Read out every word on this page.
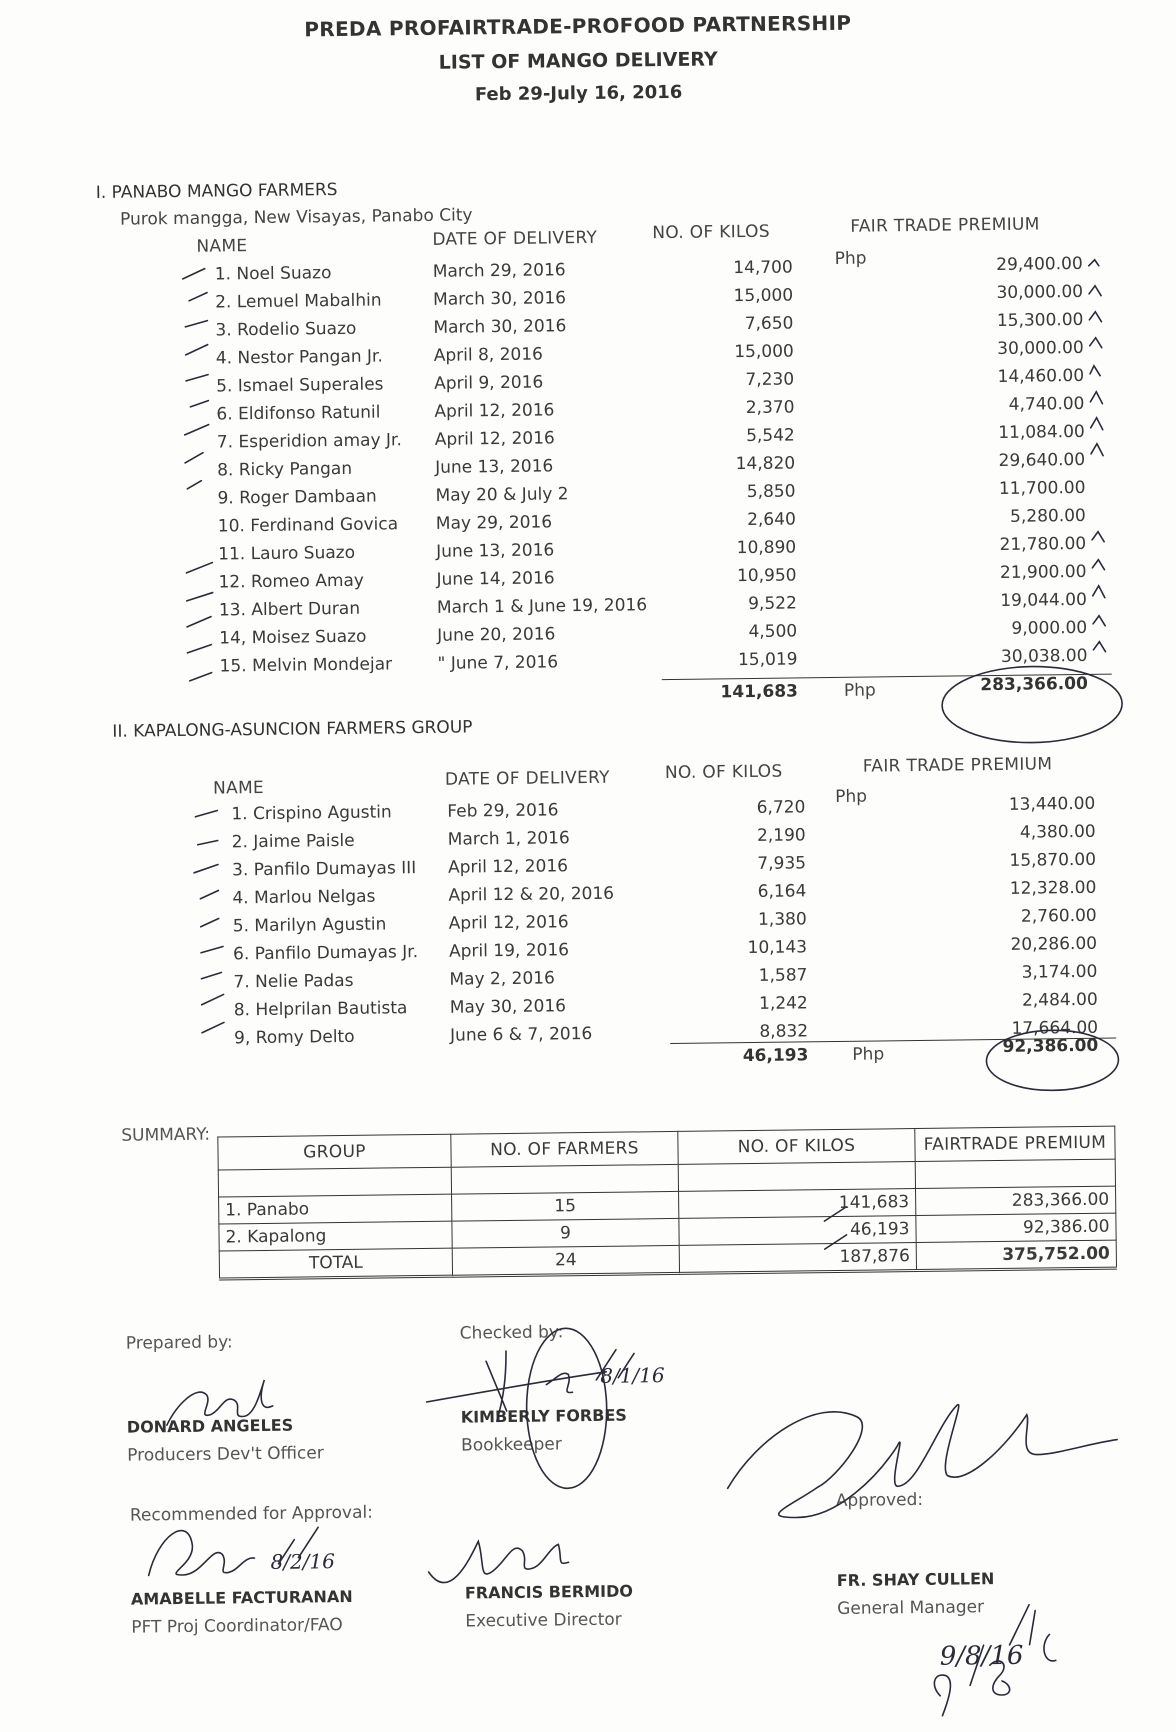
PREDA PROFAIRTRADE-PROFOOD PARTNERSHIP
LIST OF MANGO DELIVERY
Feb 29-July 16, 2016
I. PANABO MANGO FARMERS
Purok mangga, New Visayas, Panabo City
NAME	DATE OF DELIVERY	NO. OF KILOS	FAIR TRADE PREMIUM
Php
1. Noel Suazo	March 29, 2016	14,700	29,400.00
2. Lemuel Mabalhin	March 30, 2016	15,000	30,000.00
3. Rodelio Suazo	March 30, 2016	7,650	15,300.00
4. Nestor Pangan Jr.	April 8, 2016	15,000	30,000.00
5. Ismael Superales	April 9, 2016	7,230	14,460.00
6. Eldifonso Ratunil	April 12, 2016	2,370	4,740.00
7. Esperidion amay Jr. April 12, 2016	5,542	11,084.00
8. Ricky Pangan	June 13, 2016	14,820	29,640.00
9. Roger Dambaan	May 20 & July 2	5,850	11,700.00
10. Ferdinand Govica May 29, 2016	2,640	5,280.00
11. Lauro Suazo	June 13, 2016	10,890	21,780.00
12. Romeo Amay	June 14, 2016	10,950	21,900.00
13. Albert Duran	March 1 & June 19, 2016	9,522	19,044.00
14, Moisez Suazo	June 20, 2016	4,500	9,000.00
15. Melvin Mondejar	" June 7, 2016	15,019	30,038.00
141,683	Php	283,366.00
II. KAPALONG-ASUNCION FARMERS GROUP
NAME	DATE OF DELIVERY	NO. OF KILOS	FAIR TRADE PREMIUM
Php
1. Crispino Agustin	Feb 29, 2016	6,720	13,440.00
2. Jaime Paisle	March 1, 2016	2,190	4,380.00
3. Panfilo Dumayas III April 12, 2016	7,935	15,870.00
4. Marlou Nelgas	April 12 & 20, 2016	6,164	12,328.00
5. Marilyn Agustin	April 12, 2016	1,380	2,760.00
6. Panfilo Dumayas Jr. April 19, 2016	10,143	20,286.00
7. Nelie Padas	May 2, 2016	1,587	3,174.00
8. Helprilan Bautista May 30, 2016	1,242	2,484.00
9, Romy Delto	June 6 & 7, 2016	8,832	17,664.00
46,193	Php	92,386.00
SUMMARY:
GROUP	NO. OF FARMERS	NO. OF KILOS	FAIRTRADE PREMIUM

1. Panabo	15	141,683	283,366.00
2. Kapalong	9	46,193	92,386.00
TOTAL	24	187,876	375,752.00
Prepared by:
DONARD ANGELES
Producers Dev't Officer
Checked by:
KIMBERLY FORBES
Bookkeeper
Recommended for Approval:
AMABELLE FACTURANAN
PFT Proj Coordinator/FAO
FRANCIS BERMIDO
Executive Director
Approved:
FR. SHAY CULLEN
General Manager
8/1/16
8/2/16
9/8/16
